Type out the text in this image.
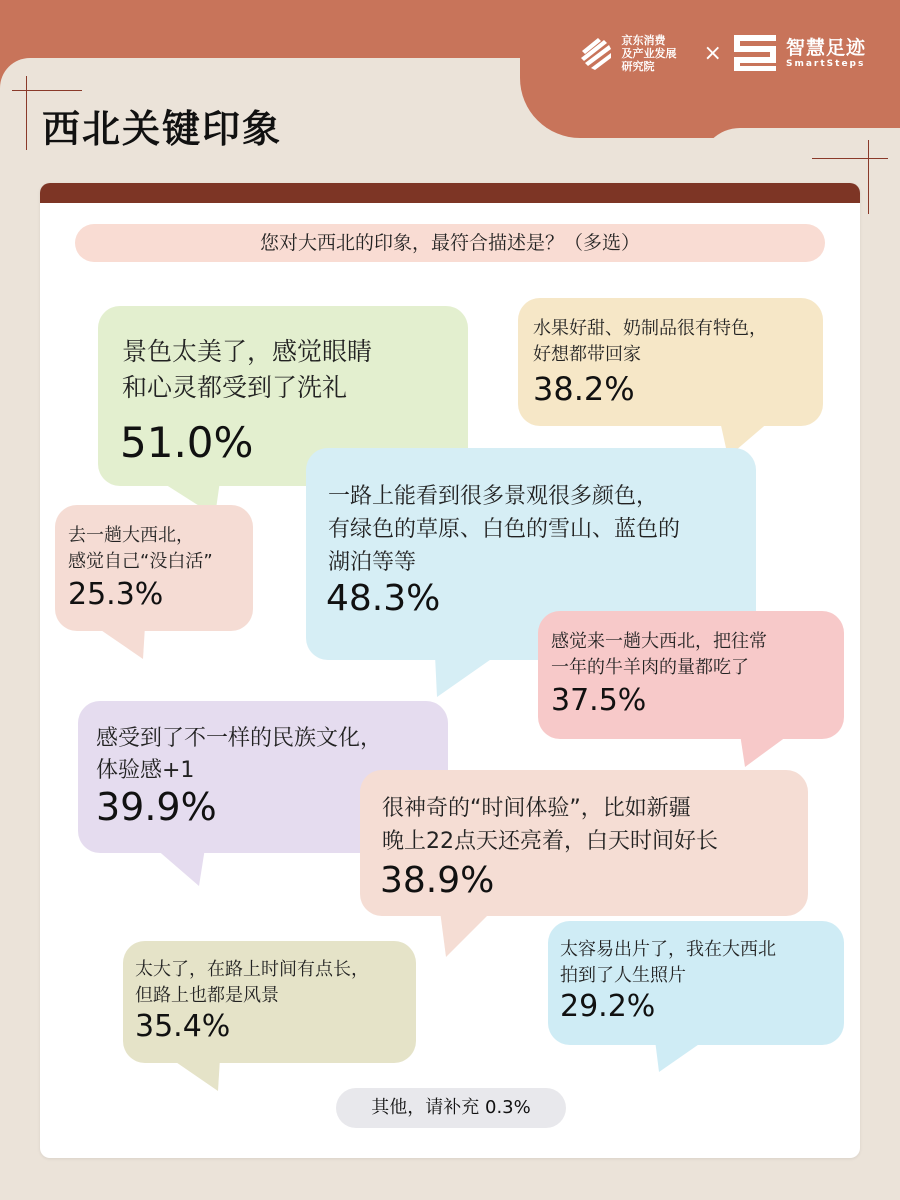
西北关键印象
京东消费
及产业发展
研究院
×	智慧足迹
SmartSteps
您对大西北的印象，最符合描述是？（多选）
景色太美了，感觉眼睛
和心灵都受到了洗礼
51.0%
水果好甜、奶制品很有特色，
好想都带回家
38.2%
去一趟大西北，
感觉自己“没白活”
25.3%
一路上能看到很多景观很多颜色，
有绿色的草原、白色的雪山、蓝色的
湖泊等等
48.3%
感觉来一趟大西北，把往常
一年的牛羊肉的量都吃了
37.5%
感受到了不一样的民族文化，
体验感+1
39.9%	很神奇的“时间体验”，比如新疆
晚上22点天还亮着，白天时间好长
38.9%
太大了，在路上时间有点长，
但路上也都是风景
35.4%
太容易出片了，我在大西北
拍到了人生照片
29.2%
其他，请补充 0.3%
